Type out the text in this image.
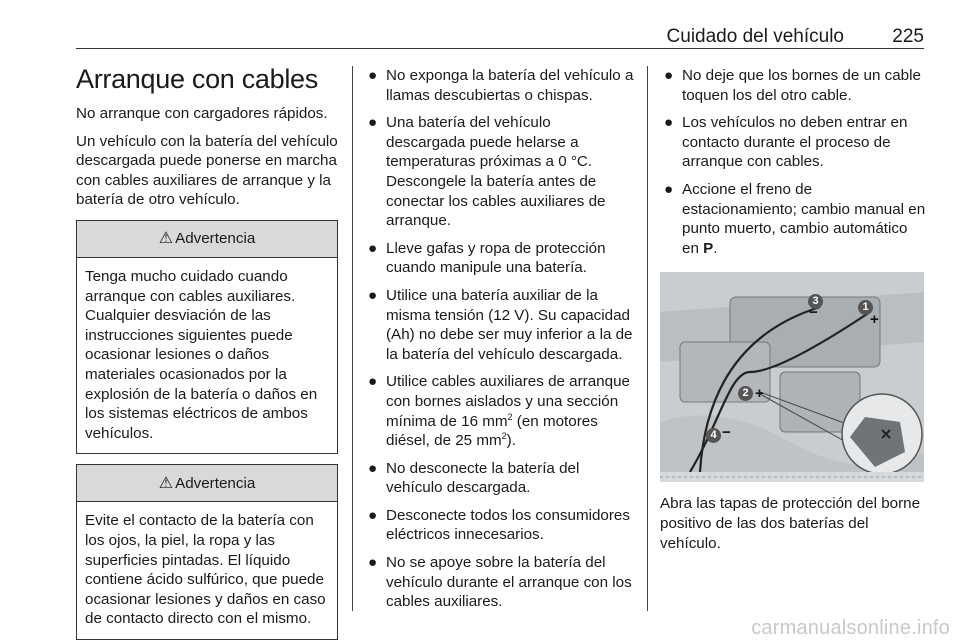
Cuidado del vehículo	225
Arranque con cables

No arranque con cargadores rápidos.

Un vehículo con la batería del vehículo descargada puede ponerse en marcha con cables auxiliares de arranque y la batería de otro vehículo.

⚠ Advertencia
Tenga mucho cuidado cuando arranque con cables auxiliares. Cualquier desviación de las instrucciones siguientes puede ocasionar lesiones o daños materiales ocasionados por la explosión de la batería o daños en los sistemas eléctricos de ambos vehículos.
⚠ Advertencia
Evite el contacto de la batería con los ojos, la piel, la ropa y las superficies pintadas. El líquido contiene ácido sulfúrico, que puede ocasionar lesiones y daños en caso de contacto directo con el mismo.
● No exponga la batería del vehículo a llamas descubiertas o chispas.
● Una batería del vehículo descargada puede helarse a temperaturas próximas a 0 °C. Descongele la batería antes de conectar los cables auxiliares de arranque.
● Lleve gafas y ropa de protección cuando manipule una batería.
● Utilice una batería auxiliar de la misma tensión (12 V). Su capacidad (Ah) no debe ser muy inferior a la de la batería del vehículo descargada.
● Utilice cables auxiliares de arranque con bornes aislados y una sección mínima de 16 $mm^2$ (en motores diésel, de 25 $mm^2$).
● No desconecte la batería del vehículo descargada.
● Desconecte todos los consumidores eléctricos innecesarios.
● No se apoye sobre la batería del vehículo durante el arranque con los cables auxiliares.
● No deje que los bornes de un cable toquen los del otro cable.
● Los vehículos no deben entrar en contacto durante el proceso de arranque con cables.
● Accione el freno de estacionamiento; cambio manual en punto muerto, cambio automático en P.
1
+
2 +
3
−
4 −

Abra las tapas de protección del borne positivo de las dos baterías del vehículo.

carmanualsonline.info
